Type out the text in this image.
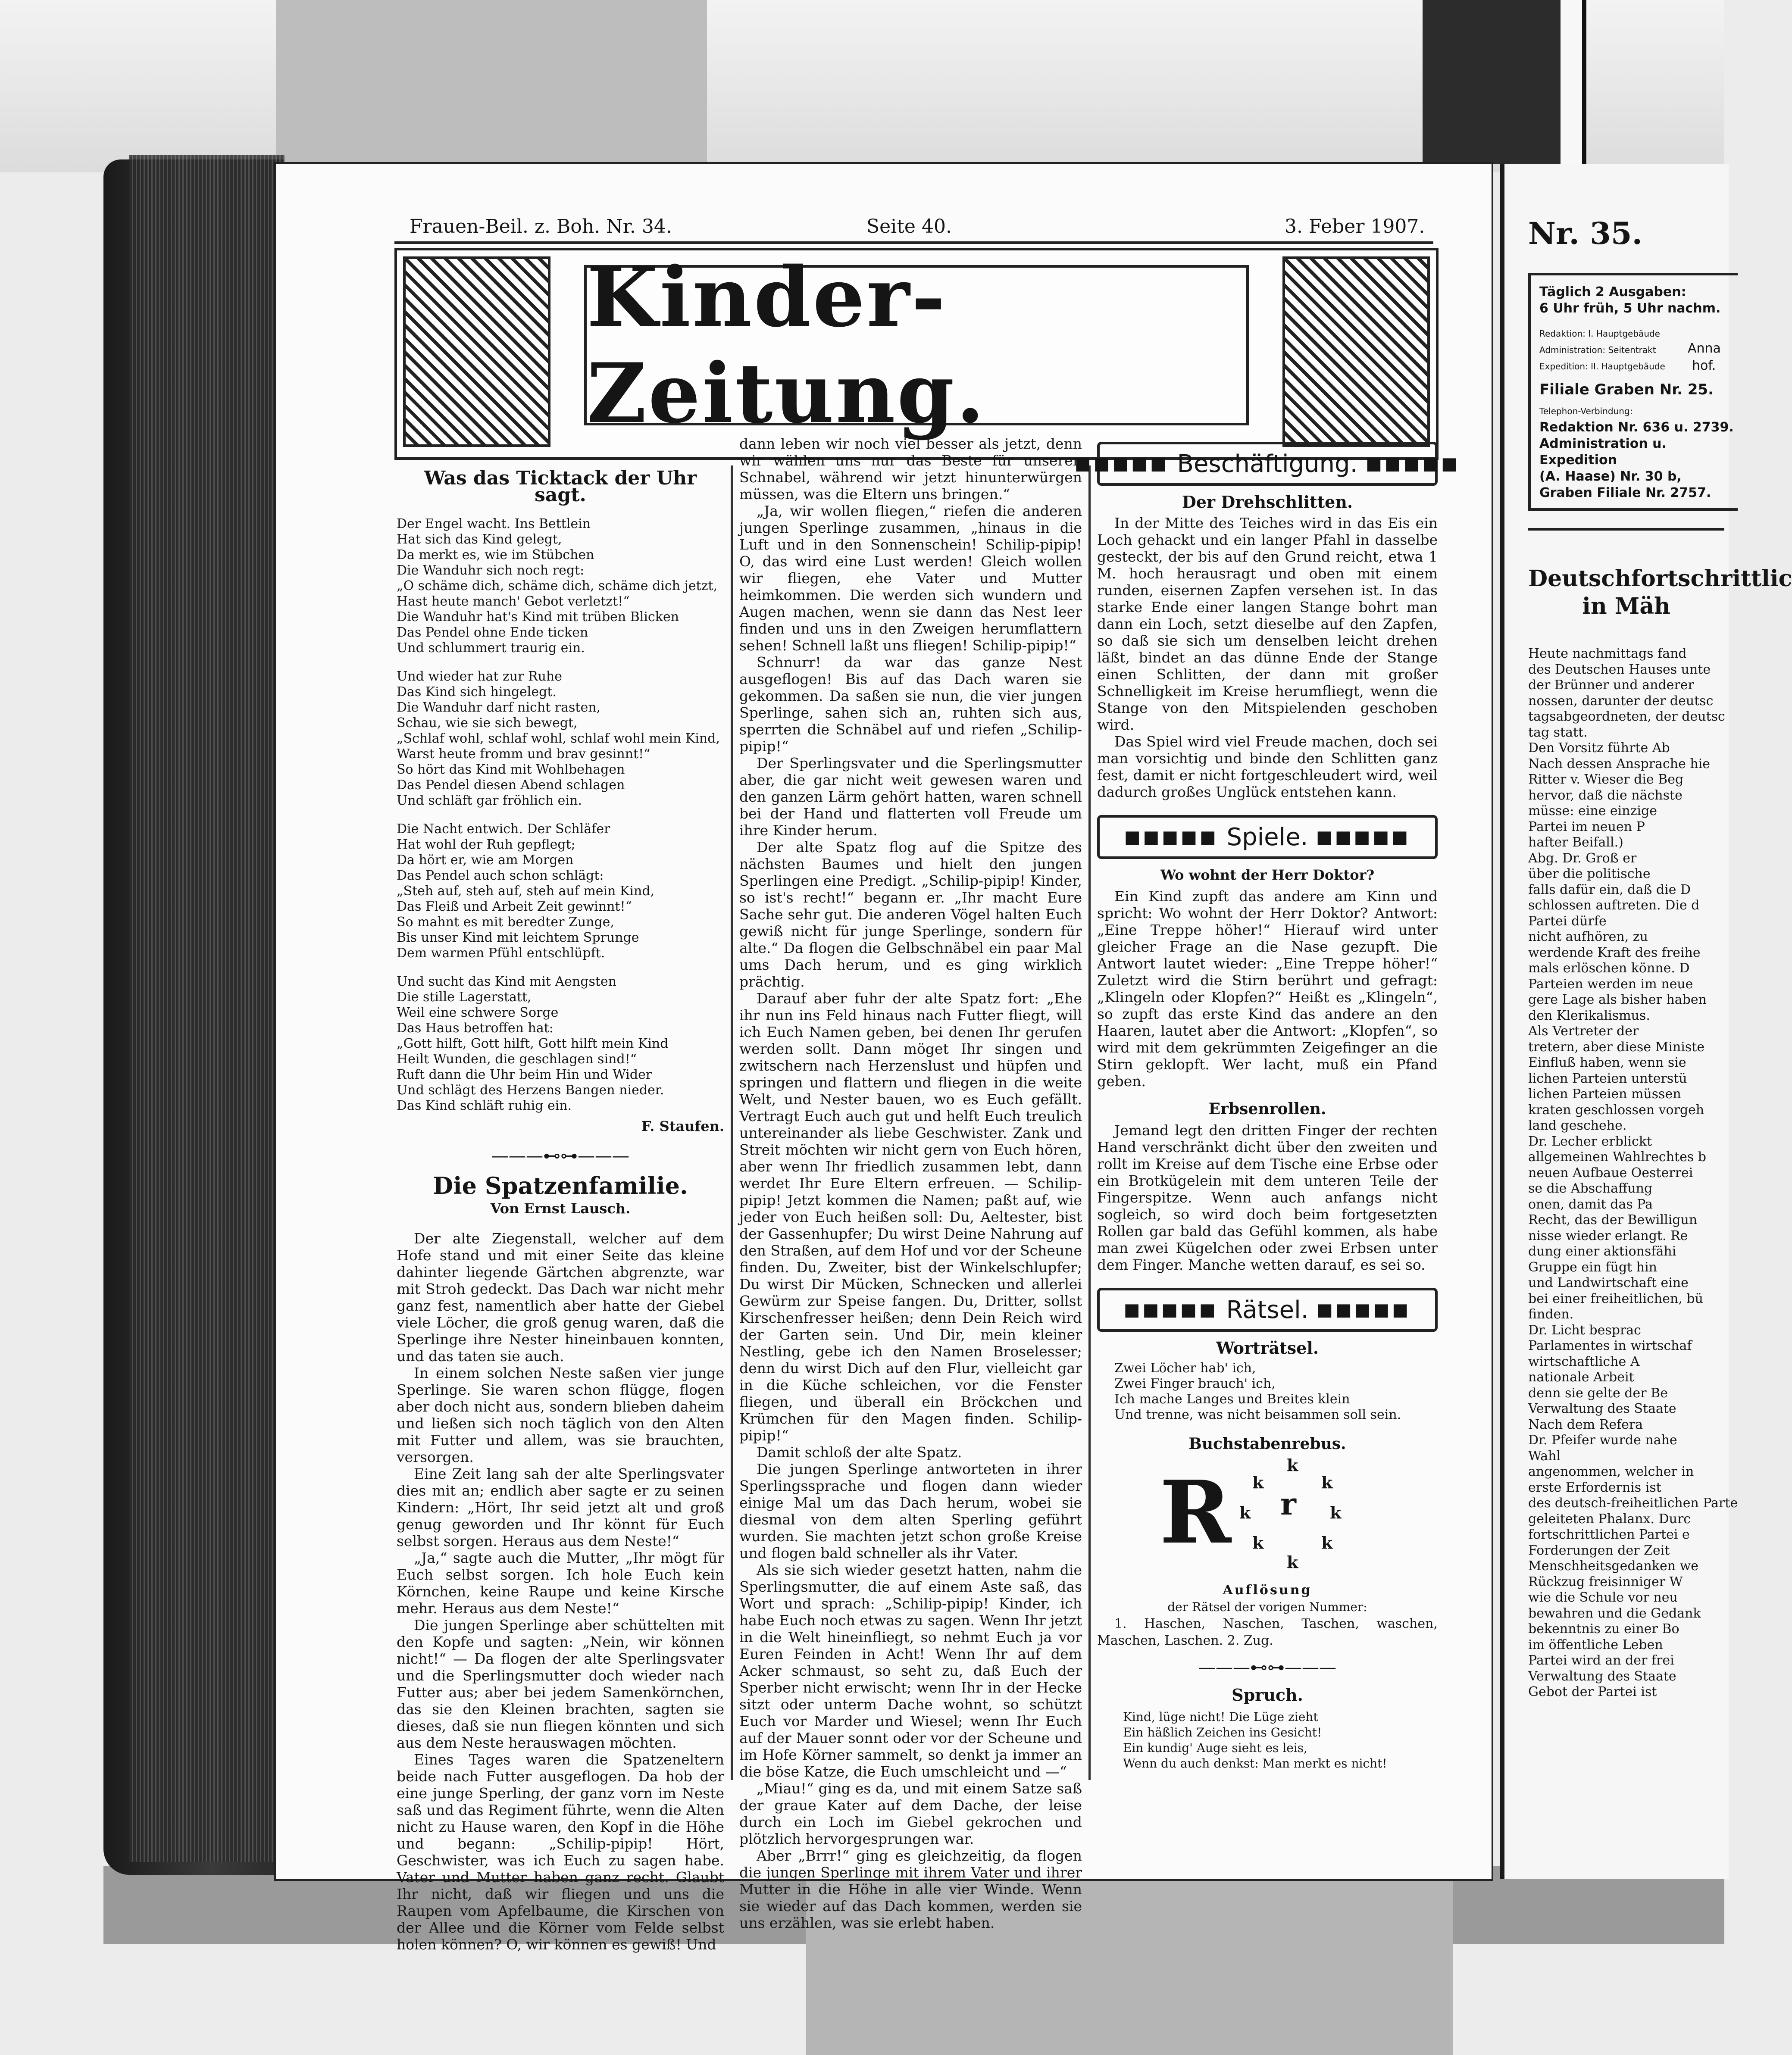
Frauen-Beil. z. Boh. Nr. 34.	Seite 40.	3. Feber 1907.
Kinder-Zeitung.
Was das Ticktack der Uhr sagt.
Der Engel wacht. Ins Bettlein
Hat sich das Kind gelegt,
Da merkt es, wie im Stübchen
Die Wanduhr sich noch regt:
„O schäme dich, schäme dich, schäme dich jetzt,
Hast heute manch' Gebot verletzt!“
Die Wanduhr hat's Kind mit trüben Blicken
Das Pendel ohne Ende ticken
Und schlummert traurig ein.
Und wieder hat zur Ruhe
Das Kind sich hingelegt.
Die Wanduhr darf nicht rasten,
Schau, wie sie sich bewegt,
„Schlaf wohl, schlaf wohl, schlaf wohl mein Kind,
Warst heute fromm und brav gesinnt!“
So hört das Kind mit Wohlbehagen
Das Pendel diesen Abend schlagen
Und schläft gar fröhlich ein.
Die Nacht entwich. Der Schläfer
Hat wohl der Ruh gepflegt;
Da hört er, wie am Morgen
Das Pendel auch schon schlägt:
„Steh auf, steh auf, steh auf mein Kind,
Das Fleiß und Arbeit Zeit gewinnt!“
So mahnt es mit beredter Zunge,
Bis unser Kind mit leichtem Sprunge
Dem warmen Pfühl entschlüpft.
Und sucht das Kind mit Aengsten
Die stille Lagerstatt,
Weil eine schwere Sorge
Das Haus betroffen hat:
„Gott hilft, Gott hilft, Gott hilft mein Kind
Heilt Wunden, die geschlagen sind!“
Ruft dann die Uhr beim Hin und Wider
Und schlägt des Herzens Bangen nieder.
Das Kind schläft ruhig ein.
F. Staufen.
———⊷⊶———
Die Spatzenfamilie.
Von Ernst Lausch.

Der alte Ziegenstall, welcher auf dem Hofe stand und mit einer Seite das kleine dahinter liegende Gärtchen abgrenzte, war mit Stroh gedeckt. Das Dach war nicht mehr ganz fest, namentlich aber hatte der Giebel viele Löcher, die groß genug waren, daß die Sperlinge ihre Nester hineinbauen konnten, und das taten sie auch.

In einem solchen Neste saßen vier junge Sperlinge. Sie waren schon flügge, flogen aber doch nicht aus, sondern blieben daheim und ließen sich noch täglich von den Alten mit Futter und allem, was sie brauchten, versorgen.

Eine Zeit lang sah der alte Sperlingsvater dies mit an; endlich aber sagte er zu seinen Kindern: „Hört, Ihr seid jetzt alt und groß genug geworden und Ihr könnt für Euch selbst sorgen. Heraus aus dem Neste!“

„Ja,“ sagte auch die Mutter, „Ihr mögt für Euch selbst sorgen. Ich hole Euch kein Körnchen, keine Raupe und keine Kirsche mehr. Heraus aus dem Neste!“

Die jungen Sperlinge aber schüttelten mit den Kopfe und sagten: „Nein, wir können nicht!“ — Da flogen der alte Sperlingsvater und die Sperlingsmutter doch wieder nach Futter aus; aber bei jedem Samenkörnchen, das sie den Kleinen brachten, sagten sie dieses, daß sie nun fliegen könnten und sich aus dem Neste herauswagen möchten.

Eines Tages waren die Spatzeneltern beide nach Futter ausgeflogen. Da hob der eine junge Sperling, der ganz vorn im Neste saß und das Regiment führte, wenn die Alten nicht zu Hause waren, den Kopf in die Höhe und begann: „Schilip-pipip! Hört, Geschwister, was ich Euch zu sagen habe. Vater und Mutter haben ganz recht. Glaubt Ihr nicht, daß wir fliegen und uns die Raupen vom Apfelbaume, die Kirschen von der Allee und die Körner vom Felde selbst holen können? O, wir können es gewiß! Und

dann leben wir noch viel besser als jetzt, denn wir wählen uns nur das Beste für unseren Schnabel, während wir jetzt hinunterwürgen müssen, was die Eltern uns bringen.“

„Ja, wir wollen fliegen,“ riefen die anderen jungen Sperlinge zusammen, „hinaus in die Luft und in den Sonnenschein! Schilip-pipip! O, das wird eine Lust werden! Gleich wollen wir fliegen, ehe Vater und Mutter heimkommen. Die werden sich wundern und Augen machen, wenn sie dann das Nest leer finden und uns in den Zweigen herumflattern sehen! Schnell laßt uns fliegen! Schilip-pipip!“

Schnurr! da war das ganze Nest ausgeflogen! Bis auf das Dach waren sie gekommen. Da saßen sie nun, die vier jungen Sperlinge, sahen sich an, ruhten sich aus, sperrten die Schnäbel auf und riefen „Schilip-pipip!“

Der Sperlingsvater und die Sperlingsmutter aber, die gar nicht weit gewesen waren und den ganzen Lärm gehört hatten, waren schnell bei der Hand und flatterten voll Freude um ihre Kinder herum.

Der alte Spatz flog auf die Spitze des nächsten Baumes und hielt den jungen Sperlingen eine Predigt. „Schilip-pipip! Kinder, so ist's recht!“ begann er. „Ihr macht Eure Sache sehr gut. Die anderen Vögel halten Euch gewiß nicht für junge Sperlinge, sondern für alte.“ Da flogen die Gelbschnäbel ein paar Mal ums Dach herum, und es ging wirklich prächtig.

Darauf aber fuhr der alte Spatz fort: „Ehe ihr nun ins Feld hinaus nach Futter fliegt, will ich Euch Namen geben, bei denen Ihr gerufen werden sollt. Dann möget Ihr singen und zwitschern nach Herzenslust und hüpfen und springen und flattern und fliegen in die weite Welt, und Nester bauen, wo es Euch gefällt. Vertragt Euch auch gut und helft Euch treulich untereinander als liebe Geschwister. Zank und Streit möchten wir nicht gern von Euch hören, aber wenn Ihr friedlich zusammen lebt, dann werdet Ihr Eure Eltern erfreuen. — Schilip-pipip! Jetzt kommen die Namen; paßt auf, wie jeder von Euch heißen soll: Du, Aeltester, bist der Gassenhupfer; Du wirst Deine Nahrung auf den Straßen, auf dem Hof und vor der Scheune finden. Du, Zweiter, bist der Winkelschlupfer; Du wirst Dir Mücken, Schnecken und allerlei Gewürm zur Speise fangen. Du, Dritter, sollst Kirschenfresser heißen; denn Dein Reich wird der Garten sein. Und Dir, mein kleiner Nestling, gebe ich den Namen Broselesser; denn du wirst Dich auf den Flur, vielleicht gar in die Küche schleichen, vor die Fenster fliegen, und überall ein Bröckchen und Krümchen für den Magen finden. Schilip-pipip!“

Damit schloß der alte Spatz.

Die jungen Sperlinge antworteten in ihrer Sperlingssprache und flogen dann wieder einige Mal um das Dach herum, wobei sie diesmal von dem alten Sperling geführt wurden. Sie machten jetzt schon große Kreise und flogen bald schneller als ihr Vater.

Als sie sich wieder gesetzt hatten, nahm die Sperlingsmutter, die auf einem Aste saß, das Wort und sprach: „Schilip-pipip! Kinder, ich habe Euch noch etwas zu sagen. Wenn Ihr jetzt in die Welt hineinfliegt, so nehmt Euch ja vor Euren Feinden in Acht! Wenn Ihr auf dem Acker schmaust, so seht zu, daß Euch der Sperber nicht erwischt; wenn Ihr in der Hecke sitzt oder unterm Dache wohnt, so schützt Euch vor Marder und Wiesel; wenn Ihr Euch auf der Mauer sonnt oder vor der Scheune und im Hofe Körner sammelt, so denkt ja immer an die böse Katze, die Euch umschleicht und —“

„Miau!“ ging es da, und mit einem Satze saß der graue Kater auf dem Dache, der leise durch ein Loch im Giebel gekrochen und plötzlich hervorgesprungen war.

Aber „Brrr!“ ging es gleichzeitig, da flogen die jungen Sperlinge mit ihrem Vater und ihrer Mutter in die Höhe in alle vier Winde. Wenn sie wieder auf das Dach kommen, werden sie uns erzählen, was sie erlebt haben.

■■■■■ Beschäftigung. ■■■■■
Der Drehschlitten.

In der Mitte des Teiches wird in das Eis ein Loch gehackt und ein langer Pfahl in dasselbe gesteckt, der bis auf den Grund reicht, etwa 1 M. hoch herausragt und oben mit einem runden, eisernen Zapfen versehen ist. In das starke Ende einer langen Stange bohrt man dann ein Loch, setzt dieselbe auf den Zapfen, so daß sie sich um denselben leicht drehen läßt, bindet an das dünne Ende der Stange einen Schlitten, der dann mit großer Schnelligkeit im Kreise herumfliegt, wenn die Stange von den Mitspielenden geschoben wird.

Das Spiel wird viel Freude machen, doch sei man vorsichtig und binde den Schlitten ganz fest, damit er nicht fortgeschleudert wird, weil dadurch großes Unglück entstehen kann.

■■■■■ Spiele. ■■■■■
Wo wohnt der Herr Doktor?

Ein Kind zupft das andere am Kinn und spricht: Wo wohnt der Herr Doktor? Antwort: „Eine Treppe höher!“ Hierauf wird unter gleicher Frage an die Nase gezupft. Die Antwort lautet wieder: „Eine Treppe höher!“ Zuletzt wird die Stirn berührt und gefragt: „Klingeln oder Klopfen?“ Heißt es „Klingeln“, so zupft das erste Kind das andere an den Haaren, lautet aber die Antwort: „Klopfen“, so wird mit dem gekrümmten Zeigefinger an die Stirn geklopft. Wer lacht, muß ein Pfand geben.

Erbsenrollen.

Jemand legt den dritten Finger der rechten Hand verschränkt dicht über den zweiten und rollt im Kreise auf dem Tische eine Erbse oder ein Brotkügelein mit dem unteren Teile der Fingerspitze. Wenn auch anfangs nicht sogleich, so wird doch beim fortgesetzten Rollen gar bald das Gefühl kommen, als habe man zwei Kügelchen oder zwei Erbsen unter dem Finger. Manche wetten darauf, es sei so.

■■■■■ Rätsel. ■■■■■
Worträtsel.
Zwei Löcher hab' ich,
Zwei Finger brauch' ich,
Ich mache Langes und Breites klein
Und trenne, was nicht beisammen soll sein.
Buchstabenrebus.
R	k
k	k
k r k
k	k
k
Auflösung
der Rätsel der vorigen Nummer:

1. Haschen, Naschen, Taschen, waschen, Maschen, Laschen. 2. Zug.

———⊷⊶———
Spruch.
Kind, lüge nicht! Die Lüge zieht
Ein häßlich Zeichen ins Gesicht!
Ein kundig' Auge sieht es leis,
Wenn du auch denkst: Man merkt es nicht!
Nr. 35.
Täglich 2 Ausgaben:
6 Uhr früh, 5 Uhr nachm.
Redaktion: I. Hauptgebäude
Administration: Seitentrakt
Expedition: II. Hauptgebäude
Filiale Graben Nr. 25.
Telephon-Verbindung:
Redaktion Nr. 636 u. 2739.
Administration u. Expedition
(A. Haase) Nr. 30 b,
Graben Filiale Nr. 2757.
Anna
hof.
Deutschfortschrittlic in Mäh
Heute nachmittags fand
des Deutschen Hauses unte
der Brünner und anderer
nossen, darunter der deutsc
tagsabgeordneten, der deutsc
tag statt.
Den Vorsitz führte Ab
Nach dessen Ansprache hie
Ritter v. Wieser die Beg
hervor, daß die nächste
müsse: eine einzige
Partei im neuen P
hafter Beifall.)
Abg. Dr. Groß er
über die politische
falls dafür ein, daß die D
schlossen auftreten. Die d
Partei dürfe
nicht aufhören, zu
werdende Kraft des freihe
mals erlöschen könne. D
Parteien werden im neue
gere Lage als bisher haben
den Klerikalismus.
Als Vertreter der
tretern, aber diese Ministe
Einfluß haben, wenn sie
lichen Parteien unterstü
lichen Parteien müssen
kraten geschlossen vorgeh
land geschehe.
Dr. Lecher erblickt
allgemeinen Wahlrechtes b
neuen Aufbaue Oesterrei
se die Abschaffung
onen, damit das Pa
Recht, das der Bewilligun
nisse wieder erlangt. Re
dung einer aktionsfähi
Gruppe ein fügt hin
und Landwirtschaft eine
bei einer freiheitlichen, bü
finden.
Dr. Licht besprac
Parlamentes in wirtschaf
wirtschaftliche A
nationale Arbeit
denn sie gelte der Be
Verwaltung des Staate
Nach dem Refera
Dr. Pfeifer wurde nahe
Wahl
angenommen, welcher in
erste Erfordernis ist
des deutsch-freiheitlichen Parte
geleiteten Phalanx. Durc
fortschrittlichen Partei e
Forderungen der Zeit
Menschheitsgedanken we
Rückzug freisinniger W
wie die Schule vor neu
bewahren und die Gedank
bekenntnis zu einer Bo
im öffentliche Leben
Partei wird an der frei
Verwaltung des Staate
Gebot der Partei ist
